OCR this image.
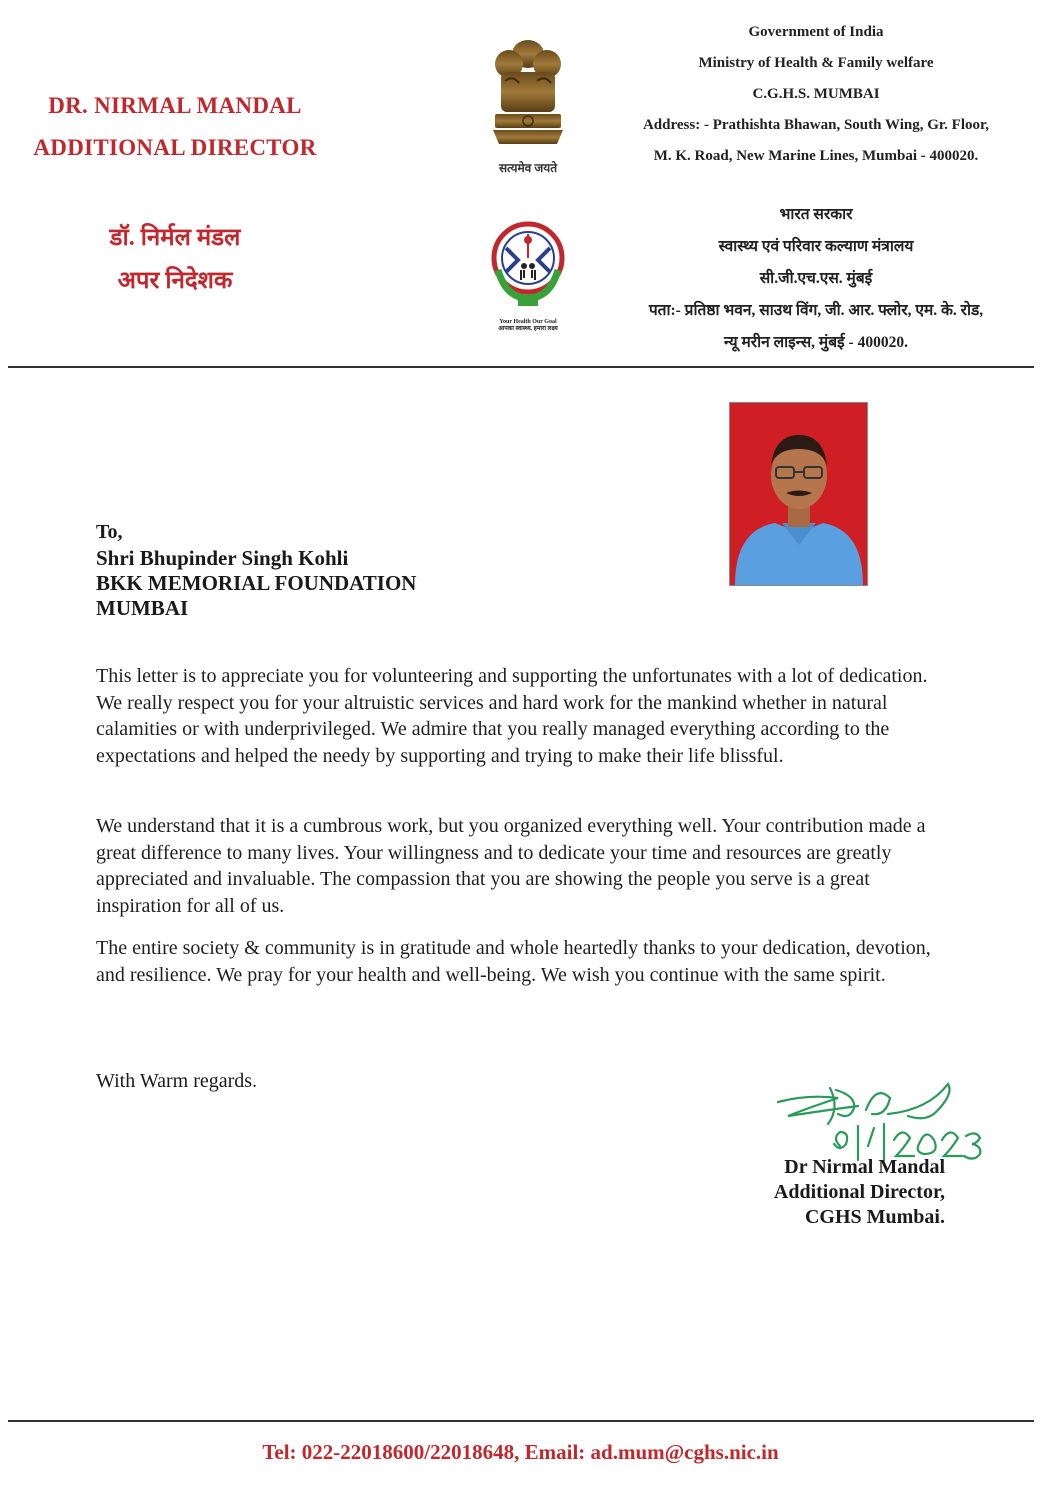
DR. NIRMAL MANDAL
ADDITIONAL DIRECTOR
डॉ. निर्मल मंडल
अपर निदेशक
सत्यमेव जयते
Government of India
Ministry of Health & Family welfare
C.G.H.S. MUMBAI
Address: - Prathishta Bhawan, South Wing, Gr. Floor,
M. K. Road, New Marine Lines, Mumbai - 400020.
Your Health Our Goal
आपका स्वास्थ्य, हमारा लक्ष्य
भारत सरकार
स्वास्थ्य एवं परिवार कल्याण मंत्रालय
सी.जी.एच.एस. मुंबई
पता:- प्रतिष्ठा भवन, साउथ विंग, जी. आर. फ्लोर, एम. के. रोड,
न्यू मरीन लाइन्स, मुंबई - 400020.
To,
Shri Bhupinder Singh Kohli
BKK MEMORIAL FOUNDATION
MUMBAI
This letter is to appreciate you for volunteering and supporting the unfortunates with a lot of dedication. We really respect you for your altruistic services and hard work for the mankind whether in natural calamities or with underprivileged. We admire that you really managed everything according to the expectations and helped the needy by supporting and trying to make their life blissful.
We understand that it is a cumbrous work, but you organized everything well. Your contribution made a great difference to many lives. Your willingness and to dedicate your time and resources are greatly appreciated and invaluable. The compassion that you are showing the people you serve is a great inspiration for all of us.
The entire society & community is in gratitude and whole heartedly thanks to your dedication, devotion, and resilience. We pray for your health and well-being. We wish you continue with the same spirit.
With Warm regards.
Dr Nirmal Mandal
Additional Director,
CGHS Mumbai.
Tel: 022-22018600/22018648, Email: ad.mum@cghs.nic.in
